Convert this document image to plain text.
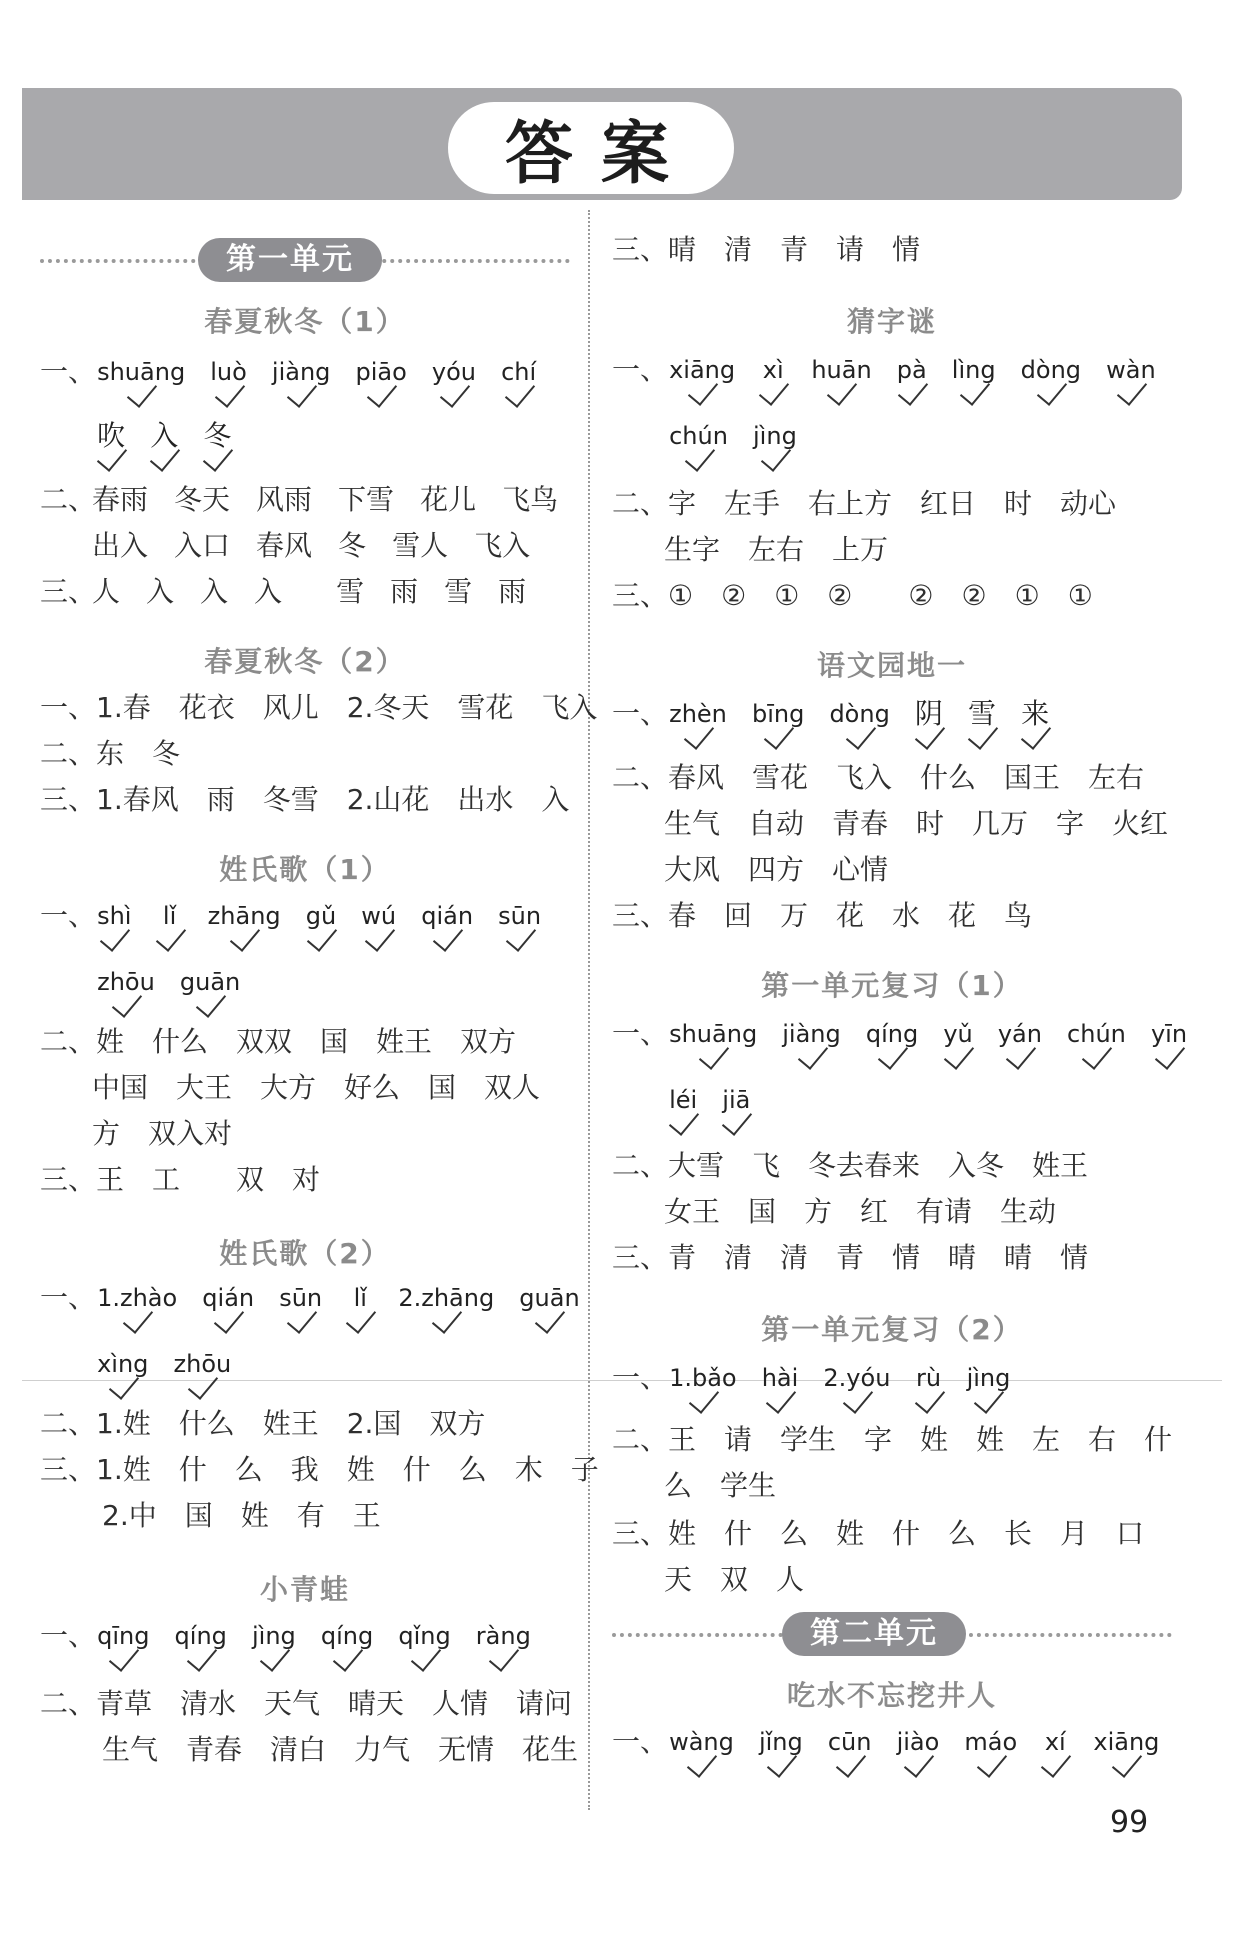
答案
第一单元
春夏秋冬（1）
一、 shuāng luò jiàng piāo yóu chí
吹 入 冬
二、春雨 冬天 风雨 下雪 花儿 飞鸟
出入 入口 春风 冬 雪人 飞入
三、人 入 入 入 雪 雨 雪 雨
春夏秋冬（2）
一、1.春　花衣　风儿　2.冬天　雪花　飞入
二、东　冬
三、1.春风　雨　冬雪　2.山花　出水　入
姓氏歌（1）
一、 shì lǐ zhāng gǔ wú qián sūn
zhōu guān
二、姓　什么　双双　国　姓王　双方
中国　大王　大方　好么　国　双人
方　双入对
三、王　工　　双　对
姓氏歌（2）
一、 1.zhào qián sūn lǐ 2.zhāng guān
xìng zhōu
二、1.姓　什么　姓王　2.国　双方
三、1.姓　什　么　我　姓　什　么　木　子
2.中　国　姓　有　王
小青蛙
一、 qīng qíng jìng qíng qǐng ràng
二、青草　清水　天气　晴天　人情　请问
生气　青春　清白　力气　无情　花生
三、晴　清　青　请　情
猜字谜
一、 xiāng xì huān pà lìng dòng wàn
chún jìng
二、字　左手　右上方　红日　时　动心
生字　左右　上万
三、①　②　①　②　　②　②　①　①
语文园地一
一、 zhèn bīng dòng 阴 雪 来
二、春风　雪花　飞入　什么　国王　左右
生气　自动　青春　时　几万　字　火红
大风　四方　心情
三、春　回　万　花　水　花　鸟
第一单元复习（1）
一、 shuāng jiàng qíng yǔ yán chún yīn
léi jiā
二、大雪　飞　冬去春来　入冬　姓王
女王　国　方　红　有请　生动
三、青　清　清　青　情　晴　晴　情
第一单元复习（2）
一、 1.bǎo hài 2.yóu rù jìng
二、王　请　学生　字　姓　姓　左　右　什
么　学生
三、姓　什　么　姓　什　么　长　月　口
天　双　人
第二单元
吃水不忘挖井人
一、 wàng jǐng cūn jiào máo xí xiāng
99
